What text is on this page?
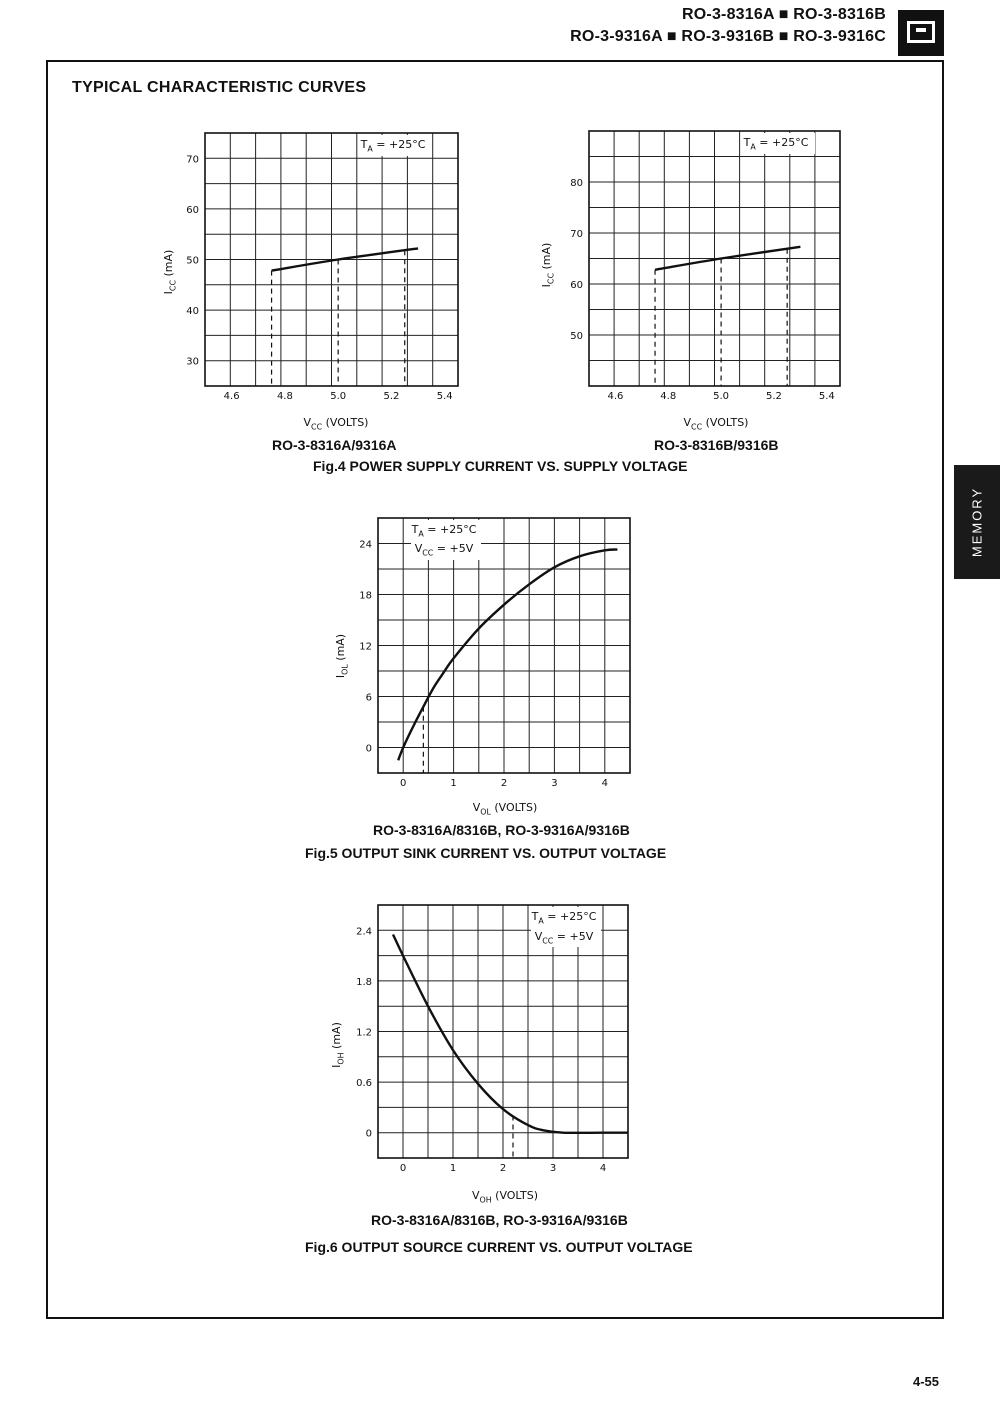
RO-3-8316A ■ RO-3-8316B
RO-3-9316A ■ RO-3-9316B ■ RO-3-9316C
TYPICAL CHARACTERISTIC CURVES
MEMORY
4.6	4.8	5.0	5.2	5.4
30
40
50
60
70
$T_A = +25^\circ C$
$V_{CC}$ (VOLTS)
$I_{CC}$ (mA)
4.6	4.8	5.0	5.2	5.4
50
60
70
80
$T_A = +25^\circ C$
$V_{CC}$ (VOLTS)
$I_{CC}$ (mA)
0	1	2	3	4
0
6
12
18
24
$T_A = +25^\circ C$
$V_{CC} = +5V$
$V_{OL}$ (VOLTS)
$I_{OL}$ (mA)
0	1	2	3	4
0
0.6
1.2
1.8
2.4
$T_A = +25^\circ C$
$V_{CC} = +5V$
$V_{OH}$ (VOLTS)
$I_{OH}$ (mA)
RO-3-8316A/9316A	RO-3-8316B/9316B
Fig.4 POWER SUPPLY CURRENT VS. SUPPLY VOLTAGE
RO-3-8316A/8316B, RO-3-9316A/9316B
Fig.5 OUTPUT SINK CURRENT VS. OUTPUT VOLTAGE
RO-3-8316A/8316B, RO-3-9316A/9316B
Fig.6 OUTPUT SOURCE CURRENT VS. OUTPUT VOLTAGE
4-55
